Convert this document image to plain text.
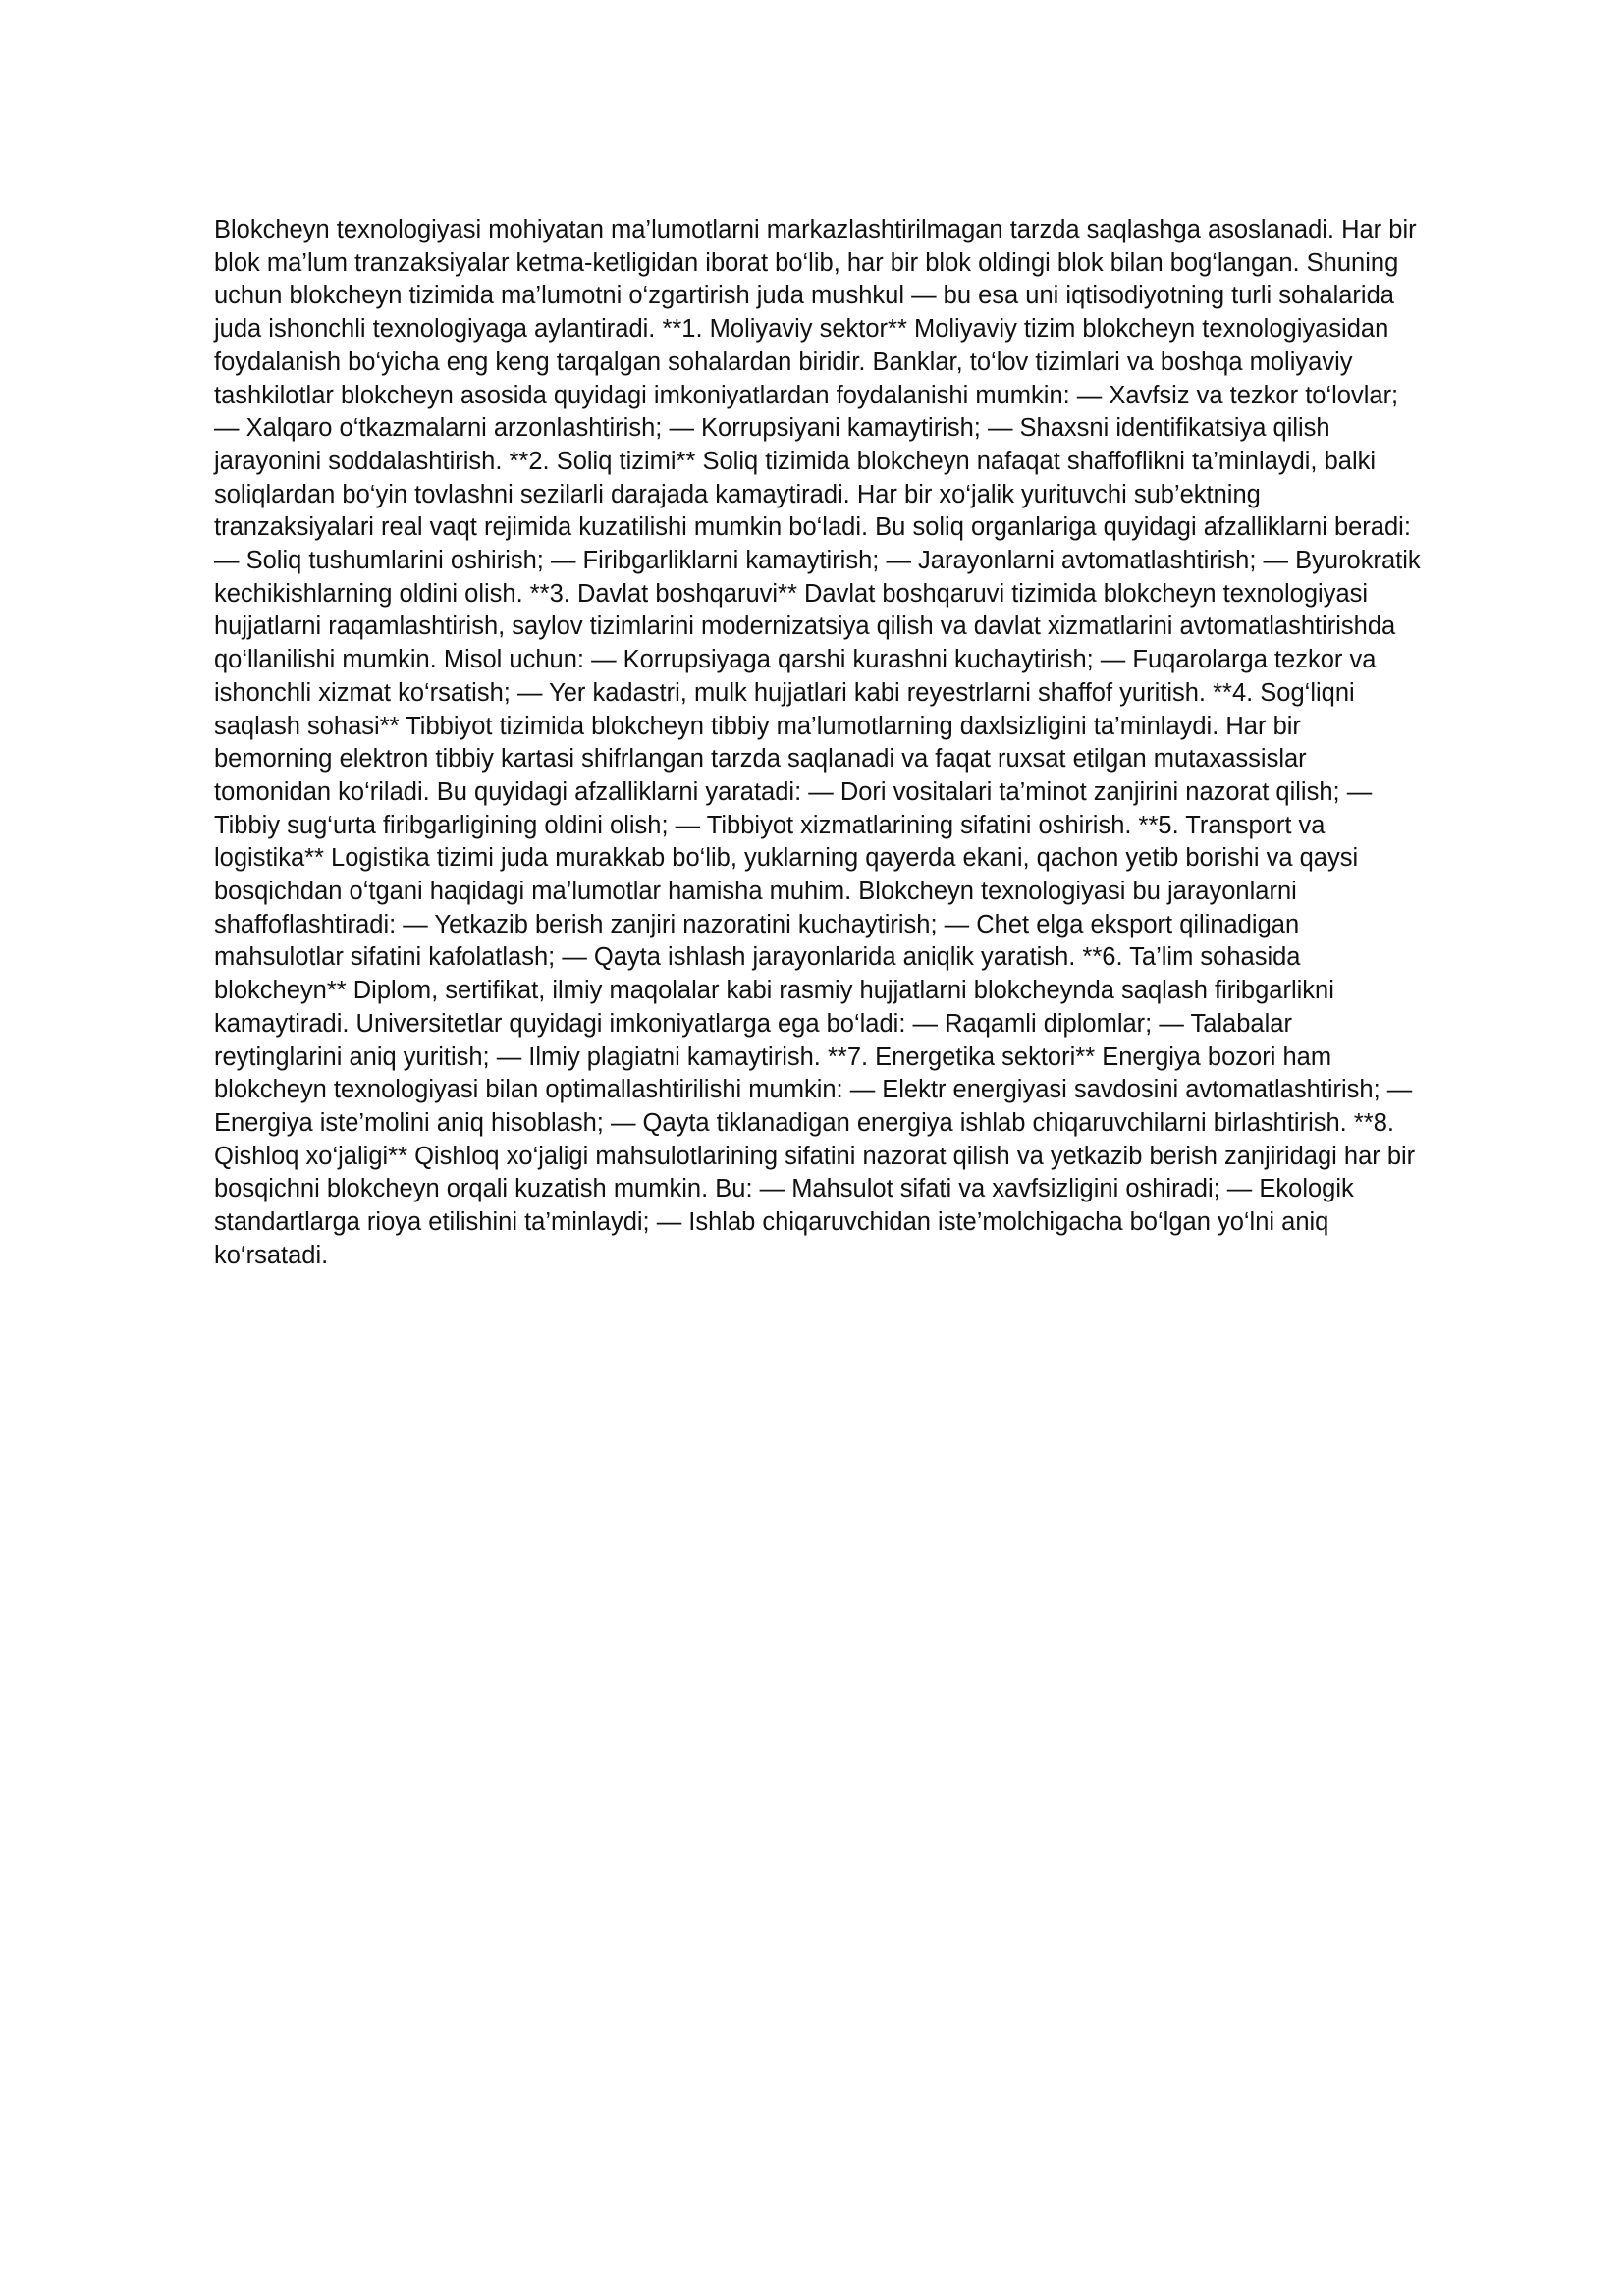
Blokcheyn texnologiyasi mohiyatan ma’lumotlarni markazlashtirilmagan tarzda saqlashga asoslanadi. Har bir blok ma’lum tranzaksiyalar ketma-ketligidan iborat bo‘lib, har bir blok oldingi blok bilan bog‘langan. Shuning uchun blokcheyn tizimida ma’lumotni o‘zgartirish juda mushkul — bu esa uni iqtisodiyotning turli sohalarida juda ishonchli texnologiyaga aylantiradi. **1. Moliyaviy sektor** Moliyaviy tizim blokcheyn texnologiyasidan foydalanish bo‘yicha eng keng tarqalgan sohalardan biridir. Banklar, to‘lov tizimlari va boshqa moliyaviy tashkilotlar blokcheyn asosida quyidagi imkoniyatlardan foydalanishi mumkin: — Xavfsiz va tezkor to‘lovlar; — Xalqaro o‘tkazmalarni arzonlashtirish; — Korrupsiyani kamaytirish; — Shaxsni identifikatsiya qilish jarayonini soddalashtirish. **2. Soliq tizimi** Soliq tizimida blokcheyn nafaqat shaffoflikni ta’minlaydi, balki soliqlardan bo‘yin tovlashni sezilarli darajada kamaytiradi. Har bir xo‘jalik yurituvchi sub’ektning tranzaksiyalari real vaqt rejimida kuzatilishi mumkin bo‘ladi. Bu soliq organlariga quyidagi afzalliklarni beradi: — Soliq tushumlarini oshirish; — Firibgarliklarni kamaytirish; — Jarayonlarni avtomatlashtirish; — Byurokratik kechikishlarning oldini olish. **3. Davlat boshqaruvi** Davlat boshqaruvi tizimida blokcheyn texnologiyasi hujjatlarni raqamlashtirish, saylov tizimlarini modernizatsiya qilish va davlat xizmatlarini avtomatlashtirishda qo‘llanilishi mumkin. Misol uchun: — Korrupsiyaga qarshi kurashni kuchaytirish; — Fuqarolarga tezkor va ishonchli xizmat ko‘rsatish; — Yer kadastri, mulk hujjatlari kabi reyestrlarni shaffof yuritish. **4. Sog‘liqni saqlash sohasi** Tibbiyot tizimida blokcheyn tibbiy ma’lumotlarning daxlsizligini ta’minlaydi. Har bir bemorning elektron tibbiy kartasi shifrlangan tarzda saqlanadi va faqat ruxsat etilgan mutaxassislar tomonidan ko‘riladi. Bu quyidagi afzalliklarni yaratadi: — Dori vositalari ta’minot zanjirini nazorat qilish; — Tibbiy sug‘urta firibgarligining oldini olish; — Tibbiyot xizmatlarining sifatini oshirish. **5. Transport va logistika** Logistika tizimi juda murakkab bo‘lib, yuklarning qayerda ekani, qachon yetib borishi va qaysi bosqichdan o‘tgani haqidagi ma’lumotlar hamisha muhim. Blokcheyn texnologiyasi bu jarayonlarni shaffoflashtiradi: — Yetkazib berish zanjiri nazoratini kuchaytirish; — Chet elga eksport qilinadigan mahsulotlar sifatini kafolatlash; — Qayta ishlash jarayonlarida aniqlik yaratish. **6. Ta’lim sohasida blokcheyn** Diplom, sertifikat, ilmiy maqolalar kabi rasmiy hujjatlarni blokcheynda saqlash firibgarlikni kamaytiradi. Universitetlar quyidagi imkoniyatlarga ega bo‘ladi: — Raqamli diplomlar; — Talabalar reytinglarini aniq yuritish; — Ilmiy plagiatni kamaytirish. **7. Energetika sektori** Energiya bozori ham blokcheyn texnologiyasi bilan optimallashtirilishi mumkin: — Elektr energiyasi savdosini avtomatlashtirish; — Energiya iste’molini aniq hisoblash; — Qayta tiklanadigan energiya ishlab chiqaruvchilarni birlashtirish. **8. Qishloq xo‘jaligi** Qishloq xo‘jaligi mahsulotlarining sifatini nazorat qilish va yetkazib berish zanjiridagi har bir bosqichni blokcheyn orqali kuzatish mumkin. Bu: — Mahsulot sifati va xavfsizligini oshiradi; — Ekologik standartlarga rioya etilishini ta’minlaydi; — Ishlab chiqaruvchidan iste’molchigacha bo‘lgan yo‘lni aniq ko‘rsatadi.
